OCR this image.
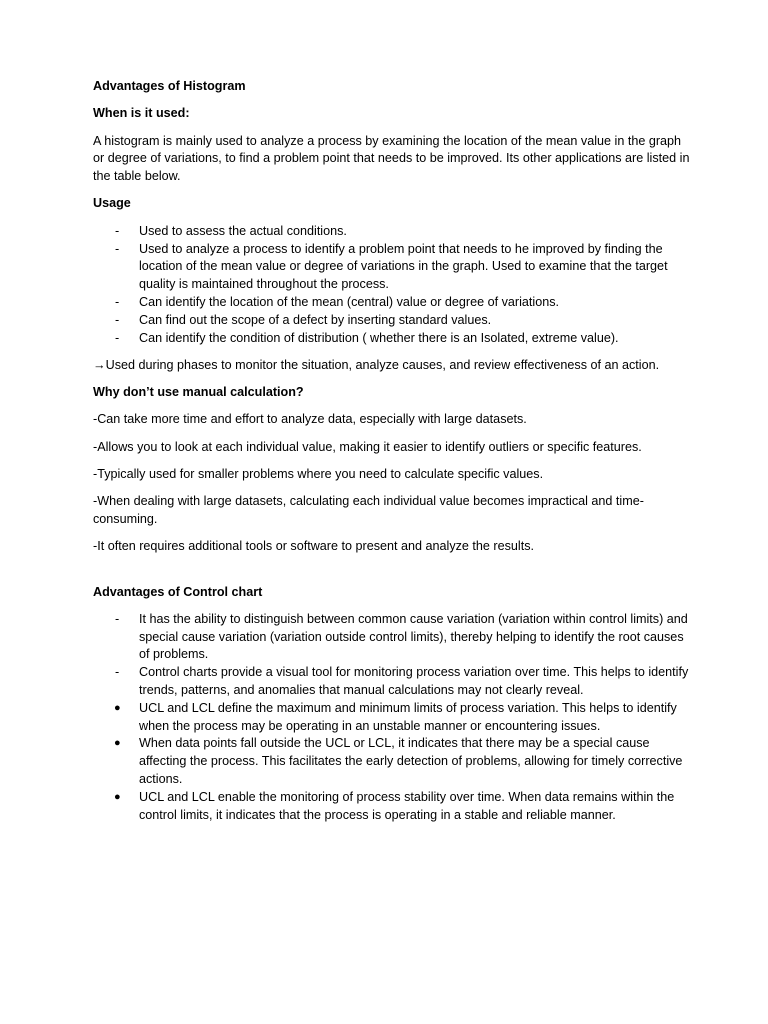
Advantages of Histogram

When is it used:

A histogram is mainly used to analyze a process by examining the location of the mean value in the graph or degree of variations, to find a problem point that needs to be improved. Its other applications are listed in the table below.

Usage

- Used to assess the actual conditions.
- Used to analyze a process to identify a problem point that needs to he improved by finding the location of the mean value or degree of variations in the graph. Used to examine that the target quality is maintained throughout the process.
- Can identify the location of the mean (central) value or degree of variations.
- Can find out the scope of a defect by inserting standard values.
- Can identify the condition of distribution ( whether there is an Isolated, extreme value).

→Used during phases to monitor the situation, analyze causes, and review effectiveness of an action.

Why don’t use manual calculation?

-Can take more time and effort to analyze data, especially with large datasets.

-Allows you to look at each individual value, making it easier to identify outliers or specific features.

-Typically used for smaller problems where you need to calculate specific values.

-When dealing with large datasets, calculating each individual value becomes impractical and time-consuming.

-It often requires additional tools or software to present and analyze the results.

Advantages of Control chart

- It has the ability to distinguish between common cause variation (variation within control limits) and special cause variation (variation outside control limits), thereby helping to identify the root causes of problems.
- Control charts provide a visual tool for monitoring process variation over time. This helps to identify trends, patterns, and anomalies that manual calculations may not clearly reveal.
● UCL and LCL define the maximum and minimum limits of process variation. This helps to identify when the process may be operating in an unstable manner or encountering issues.
● When data points fall outside the UCL or LCL, it indicates that there may be a special cause affecting the process. This facilitates the early detection of problems, allowing for timely corrective actions.
● UCL and LCL enable the monitoring of process stability over time. When data remains within the control limits, it indicates that the process is operating in a stable and reliable manner.
